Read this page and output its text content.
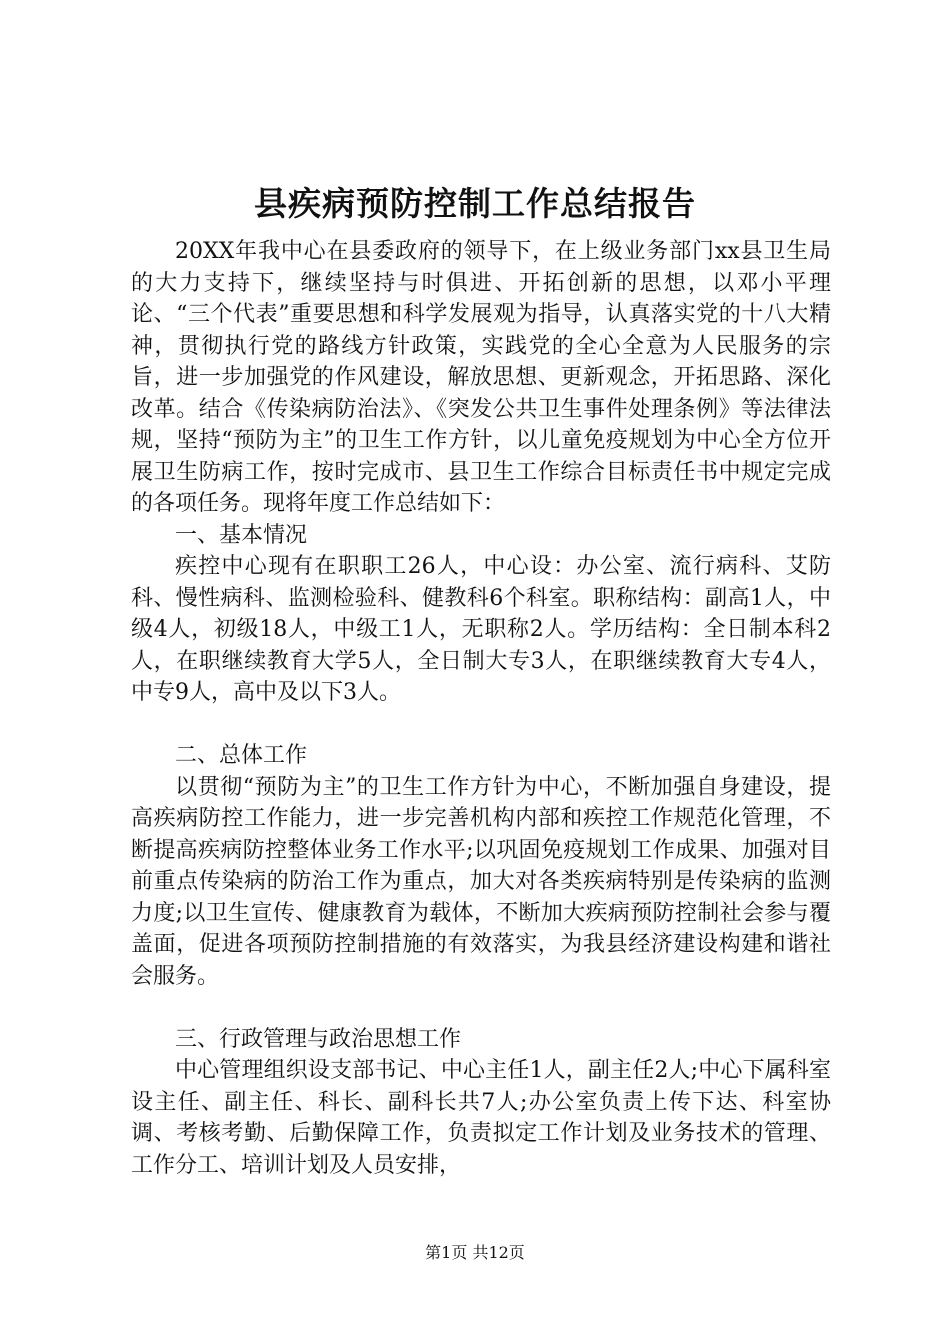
县疾病预防控制工作总结报告

20XX年我中心在县委政府的领导下，在上级业务部门xx县卫生局的大力支持下，继续坚持与时俱进、开拓创新的思想，以邓小平理论、“三个代表”重要思想和科学发展观为指导，认真落实党的十八大精神，贯彻执行党的路线方针政策，实践党的全心全意为人民服务的宗旨，进一步加强党的作风建设，解放思想、更新观念，开拓思路、深化改革。结合《传染病防治法》、《突发公共卫生事件处理条例》等法律法规，坚持“预防为主”的卫生工作方针，以儿童免疫规划为中心全方位开展卫生防病工作，按时完成市、县卫生工作综合目标责任书中规定完成的各项任务。现将年度工作总结如下：

一、基本情况

疾控中心现有在职职工26人，中心设：办公室、流行病科、艾防科、慢性病科、监测检验科、健教科6个科室。职称结构：副高1人，中级4人，初级18人，中级工1人，无职称2人。学历结构：全日制本科2人，在职继续教育大学5人，全日制大专3人，在职继续教育大专4人，中专9人，高中及以下3人。

二、总体工作

以贯彻“预防为主”的卫生工作方针为中心，不断加强自身建设，提高疾病防控工作能力，进一步完善机构内部和疾控工作规范化管理，不断提高疾病防控整体业务工作水平;以巩固免疫规划工作成果、加强对目前重点传染病的防治工作为重点，加大对各类疾病特别是传染病的监测力度;以卫生宣传、健康教育为载体，不断加大疾病预防控制社会参与覆盖面，促进各项预防控制措施的有效落实，为我县经济建设构建和谐社会服务。

三、行政管理与政治思想工作

中心管理组织设支部书记、中心主任1人，副主任2人;中心下属科室设主任、副主任、科长、副科长共7人;办公室负责上传下达、科室协调、考核考勤、后勤保障工作，负责拟定工作计划及业务技术的管理、工作分工、培训计划及人员安排，

第1页 共12页
